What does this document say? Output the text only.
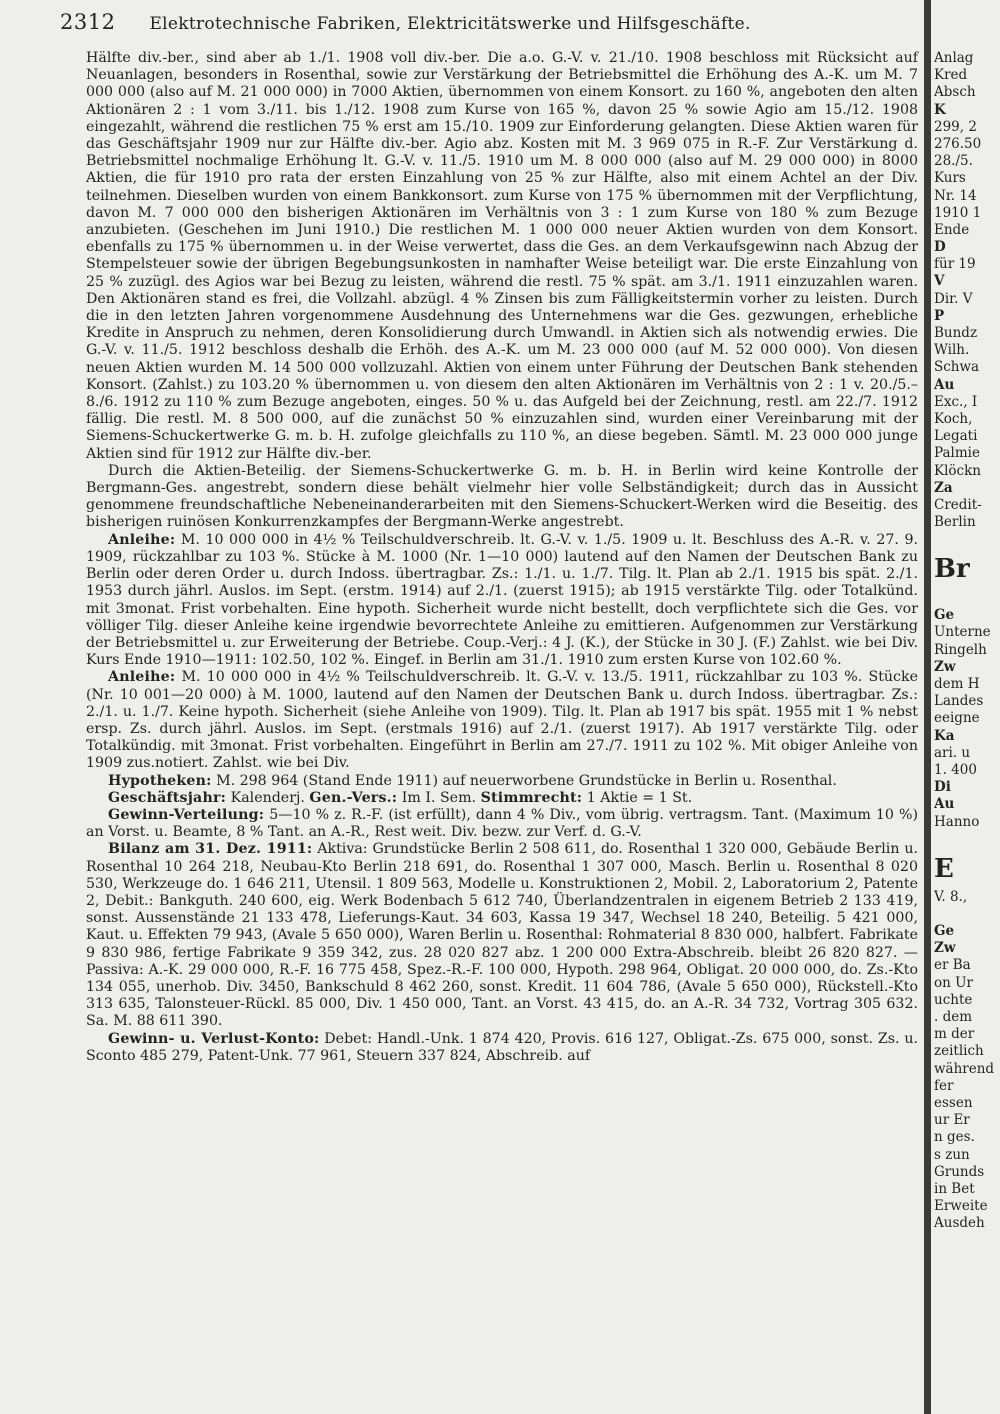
2312 Elektrotechnische Fabriken, Elektricitätswerke und Hilfsgeschäfte.

Hälfte div.-ber., sind aber ab 1./1. 1908 voll div.-ber. Die a.o. G.-V. v. 21./10. 1908 beschloss mit Rücksicht auf Neuanlagen, besonders in Rosenthal, sowie zur Verstärkung der Betriebsmittel die Erhöhung des A.-K. um M. 7 000 000 (also auf M. 21 000 000) in 7000 Aktien, übernommen von einem Konsort. zu 160 %, angeboten den alten Aktionären 2 : 1 vom 3./11. bis 1./12. 1908 zum Kurse von 165 %, davon 25 % sowie Agio am 15./12. 1908 eingezahlt, während die restlichen 75 % erst am 15./10. 1909 zur Einforderung gelangten. Diese Aktien waren für das Geschäftsjahr 1909 nur zur Hälfte div.-ber. Agio abz. Kosten mit M. 3 969 075 in R.-F. Zur Verstärkung d. Betriebsmittel nochmalige Erhöhung lt. G.-V. v. 11./5. 1910 um M. 8 000 000 (also auf M. 29 000 000) in 8000 Aktien, die für 1910 pro rata der ersten Einzahlung von 25 % zur Hälfte, also mit einem Achtel an der Div. teilnehmen. Dieselben wurden von einem Bankkonsort. zum Kurse von 175 % übernommen mit der Verpflichtung, davon M. 7 000 000 den bisherigen Aktionären im Verhältnis von 3 : 1 zum Kurse von 180 % zum Bezuge anzubieten. (Geschehen im Juni 1910.) Die restlichen M. 1 000 000 neuer Aktien wurden von dem Konsort. ebenfalls zu 175 % übernommen u. in der Weise verwertet, dass die Ges. an dem Verkaufsgewinn nach Abzug der Stempelsteuer sowie der übrigen Begebungsunkosten in namhafter Weise beteiligt war. Die erste Einzahlung von 25 % zuzügl. des Agios war bei Bezug zu leisten, während die restl. 75 % spät. am 3./1. 1911 einzuzahlen waren. Den Aktionären stand es frei, die Vollzahl. abzügl. 4 % Zinsen bis zum Fälligkeitstermin vorher zu leisten. Durch die in den letzten Jahren vorgenommene Ausdehnung des Unternehmens war die Ges. gezwungen, erhebliche Kredite in Anspruch zu nehmen, deren Konsolidierung durch Umwandl. in Aktien sich als notwendig erwies. Die G.-V. v. 11./5. 1912 beschloss deshalb die Erhöh. des A.-K. um M. 23 000 000 (auf M. 52 000 000). Von diesen neuen Aktien wurden M. 14 500 000 vollzuzahl. Aktien von einem unter Führung der Deutschen Bank stehenden Konsort. (Zahlst.) zu 103.20 % übernommen u. von diesem den alten Aktionären im Verhältnis von 2 : 1 v. 20./5.–8./6. 1912 zu 110 % zum Bezuge angeboten, einges. 50 % u. das Aufgeld bei der Zeichnung, restl. am 22./7. 1912 fällig. Die restl. M. 8 500 000, auf die zunächst 50 % einzuzahlen sind, wurden einer Vereinbarung mit der Siemens-Schuckertwerke G. m. b. H. zufolge gleichfalls zu 110 %, an diese begeben. Sämtl. M. 23 000 000 junge Aktien sind für 1912 zur Hälfte div.-ber.

Durch die Aktien-Beteilig. der Siemens-Schuckertwerke G. m. b. H. in Berlin wird keine Kontrolle der Bergmann-Ges. angestrebt, sondern diese behält vielmehr hier volle Selbständigkeit; durch das in Aussicht genommene freundschaftliche Nebeneinanderarbeiten mit den Siemens-Schuckert-Werken wird die Beseitig. des bisherigen ruinösen Konkurrenzkampfes der Bergmann-Werke angestrebt.

Anleihe: M. 10 000 000 in 4½ % Teilschuldverschreib. lt. G.-V. v. 1./5. 1909 u. lt. Beschluss des A.-R. v. 27. 9. 1909, rückzahlbar zu 103 %. Stücke à M. 1000 (Nr. 1—10 000) lautend auf den Namen der Deutschen Bank zu Berlin oder deren Order u. durch Indoss. übertragbar. Zs.: 1./1. u. 1./7. Tilg. lt. Plan ab 2./1. 1915 bis spät. 2./1. 1953 durch jährl. Auslos. im Sept. (erstm. 1914) auf 2./1. (zuerst 1915); ab 1915 verstärkte Tilg. oder Totalkünd. mit 3monat. Frist vorbehalten. Eine hypoth. Sicherheit wurde nicht bestellt, doch verpflichtete sich die Ges. vor völliger Tilg. dieser Anleihe keine irgendwie bevorrechtete Anleihe zu emittieren. Aufgenommen zur Verstärkung der Betriebsmittel u. zur Erweiterung der Betriebe. Coup.-Verj.: 4 J. (K.), der Stücke in 30 J. (F.) Zahlst. wie bei Div. Kurs Ende 1910—1911: 102.50, 102 %. Eingef. in Berlin am 31./1. 1910 zum ersten Kurse von 102.60 %.

Anleihe: M. 10 000 000 in 4½ % Teilschuldverschreib. lt. G.-V. v. 13./5. 1911, rückzahlbar zu 103 %. Stücke (Nr. 10 001—20 000) à M. 1000, lautend auf den Namen der Deutschen Bank u. durch Indoss. übertragbar. Zs.: 2./1. u. 1./7. Keine hypoth. Sicherheit (siehe Anleihe von 1909). Tilg. lt. Plan ab 1917 bis spät. 1955 mit 1 % nebst ersp. Zs. durch jährl. Auslos. im Sept. (erstmals 1916) auf 2./1. (zuerst 1917). Ab 1917 verstärkte Tilg. oder Totalkündig. mit 3monat. Frist vorbehalten. Eingeführt in Berlin am 27./7. 1911 zu 102 %. Mit obiger Anleihe von 1909 zus.notiert. Zahlst. wie bei Div.

Hypotheken: M. 298 964 (Stand Ende 1911) auf neuerworbene Grundstücke in Berlin u. Rosenthal.

Geschäftsjahr: Kalenderj. Gen.-Vers.: Im I. Sem. Stimmrecht: 1 Aktie = 1 St.

Gewinn-Verteilung: 5—10 % z. R.-F. (ist erfüllt), dann 4 % Div., vom übrig. vertragsm. Tant. (Maximum 10 %) an Vorst. u. Beamte, 8 % Tant. an A.-R., Rest weit. Div. bezw. zur Verf. d. G.-V.

Bilanz am 31. Dez. 1911: Aktiva: Grundstücke Berlin 2 508 611, do. Rosenthal 1 320 000, Gebäude Berlin u. Rosenthal 10 264 218, Neubau-Kto Berlin 218 691, do. Rosenthal 1 307 000, Masch. Berlin u. Rosenthal 8 020 530, Werkzeuge do. 1 646 211, Utensil. 1 809 563, Modelle u. Konstruktionen 2, Mobil. 2, Laboratorium 2, Patente 2, Debit.: Bankguth. 240 600, eig. Werk Bodenbach 5 612 740, Überlandzentralen in eigenem Betrieb 2 133 419, sonst. Aussenstände 21 133 478, Lieferungs-Kaut. 34 603, Kassa 19 347, Wechsel 18 240, Beteilig. 5 421 000, Kaut. u. Effekten 79 943, (Avale 5 650 000), Waren Berlin u. Rosenthal: Rohmaterial 8 830 000, halbfert. Fabrikate 9 830 986, fertige Fabrikate 9 359 342, zus. 28 020 827 abz. 1 200 000 Extra-Abschreib. bleibt 26 820 827. — Passiva: A.-K. 29 000 000, R.-F. 16 775 458, Spez.-R.-F. 100 000, Hypoth. 298 964, Obligat. 20 000 000, do. Zs.-Kto 134 055, unerhob. Div. 3450, Bankschuld 8 462 260, sonst. Kredit. 11 604 786, (Avale 5 650 000), Rückstell.-Kto 313 635, Talonsteuer-Rückl. 85 000, Div. 1 450 000, Tant. an Vorst. 43 415, do. an A.-R. 34 732, Vortrag 305 632. Sa. M. 88 611 390.

Gewinn- u. Verlust-Konto: Debet: Handl.-Unk. 1 874 420, Provis. 616 127, Obligat.-Zs. 675 000, sonst. Zs. u. Sconto 485 279, Patent-Unk. 77 961, Steuern 337 824, Abschreib. auf

Anlag
Kred
Absch
K
299, 2
276.50
28./5.
Kurs
Nr. 14
1910 1
Ende
D
für 19
V
Dir. V
P
Bundz
Wilh.
Schwa
Au
Exc., I
Koch,
Legati
Palmie
Klöckn
Za
Credit-
Berlin
Br
Ge
Unterne
Ringelh
Zw
dem H
Landes
eeigne
Ka
ari. u
1. 400
Di
Au
Hanno
E
V. 8.,
Ge
Zw
er Ba
on Ur
uchte
. dem
m der
zeitlich
während
fer
essen
ur Er
n ges.
s zun
Grunds
in Bet
Erweite
Ausdeh
